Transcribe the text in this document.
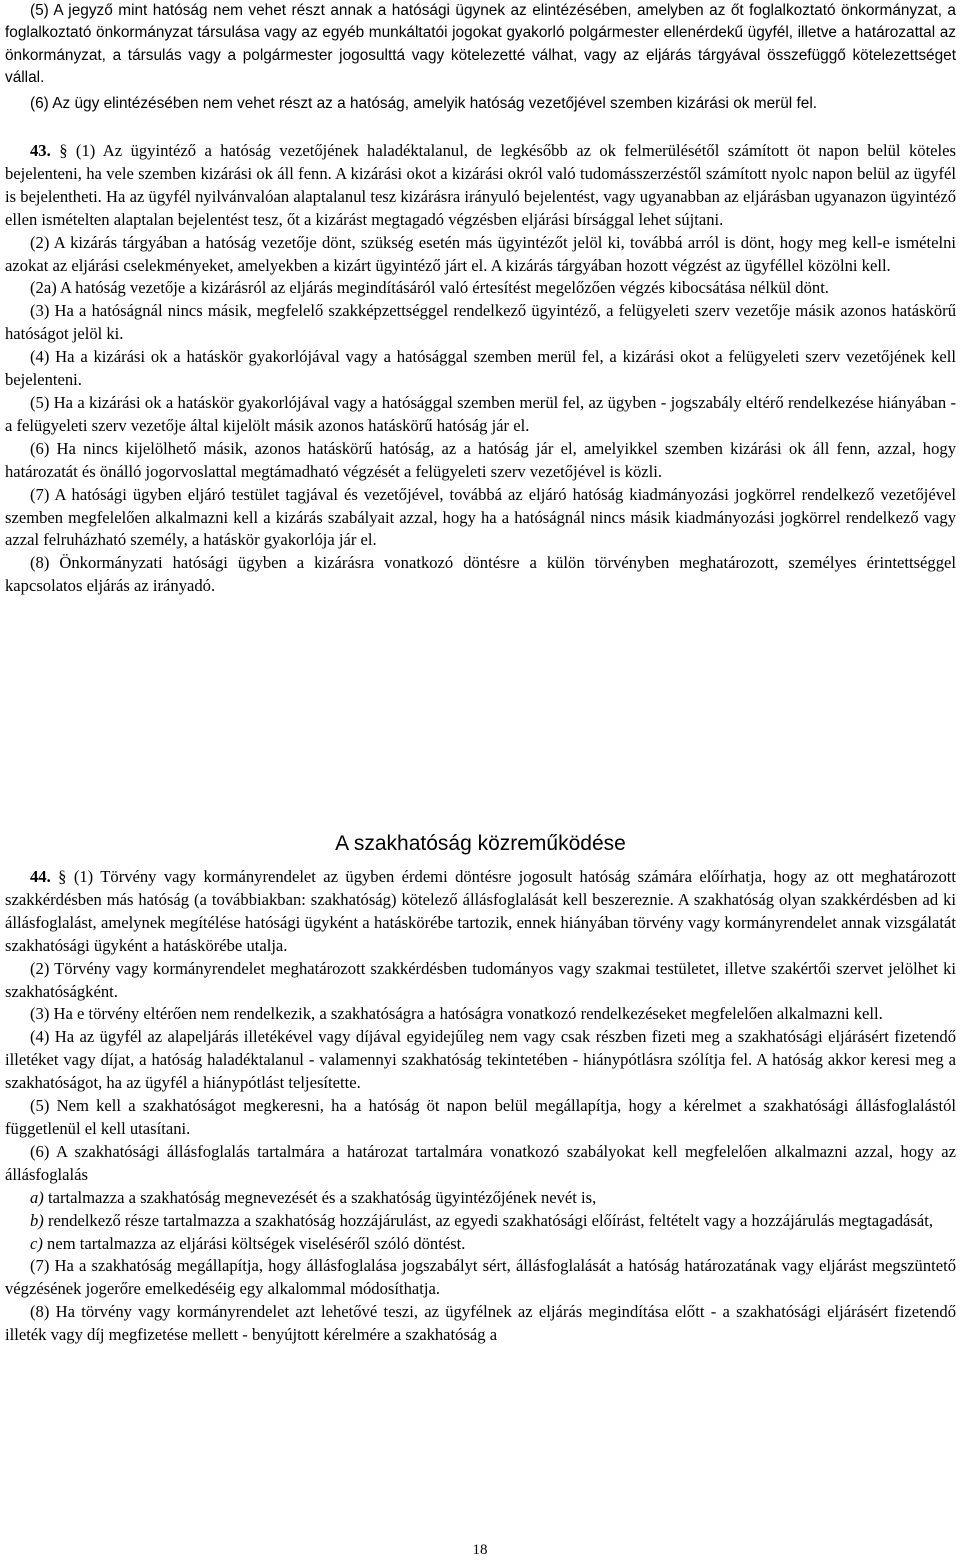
(5) A jegyző mint hatóság nem vehet részt annak a hatósági ügynek az elintézésében, amelyben az őt foglalkoztató önkormányzat, a foglalkoztató önkormányzat társulása vagy az egyéb munkáltatói jogokat gyakorló polgármester ellenérdekű ügyfél, illetve a határozattal az önkormányzat, a társulás vagy a polgármester jogosulttá vagy kötelezetté válhat, vagy az eljárás tárgyával összefüggő kötelezettséget vállal.

(6) Az ügy elintézésében nem vehet részt az a hatóság, amelyik hatóság vezetőjével szemben kizárási ok merül fel.

43. § (1) Az ügyintéző a hatóság vezetőjének haladéktalanul, de legkésőbb az ok felmerülésétől számított öt napon belül köteles bejelenteni, ha vele szemben kizárási ok áll fenn. A kizárási okot a kizárási okról való tudomásszerzéstől számított nyolc napon belül az ügyfél is bejelentheti. Ha az ügyfél nyilvánvalóan alaptalanul tesz kizárásra irányuló bejelentést, vagy ugyanabban az eljárásban ugyanazon ügyintéző ellen ismételten alaptalan bejelentést tesz, őt a kizárást megtagadó végzésben eljárási bírsággal lehet sújtani.

(2) A kizárás tárgyában a hatóság vezetője dönt, szükség esetén más ügyintézőt jelöl ki, továbbá arról is dönt, hogy meg kell-e ismételni azokat az eljárási cselekményeket, amelyekben a kizárt ügyintéző járt el. A kizárás tárgyában hozott végzést az ügyféllel közölni kell.

(2a) A hatóság vezetője a kizárásról az eljárás megindításáról való értesítést megelőzően végzés kibocsátása nélkül dönt.

(3) Ha a hatóságnál nincs másik, megfelelő szakképzettséggel rendelkező ügyintéző, a felügyeleti szerv vezetője másik azonos hatáskörű hatóságot jelöl ki.

(4) Ha a kizárási ok a hatáskör gyakorlójával vagy a hatósággal szemben merül fel, a kizárási okot a felügyeleti szerv vezetőjének kell bejelenteni.

(5) Ha a kizárási ok a hatáskör gyakorlójával vagy a hatósággal szemben merül fel, az ügyben - jogszabály eltérő rendelkezése hiányában - a felügyeleti szerv vezetője által kijelölt másik azonos hatáskörű hatóság jár el.

(6) Ha nincs kijelölhető másik, azonos hatáskörű hatóság, az a hatóság jár el, amelyikkel szemben kizárási ok áll fenn, azzal, hogy határozatát és önálló jogorvoslattal megtámadható végzését a felügyeleti szerv vezetőjével is közli.

(7) A hatósági ügyben eljáró testület tagjával és vezetőjével, továbbá az eljáró hatóság kiadmányozási jogkörrel rendelkező vezetőjével szemben megfelelően alkalmazni kell a kizárás szabályait azzal, hogy ha a hatóságnál nincs másik kiadmányozási jogkörrel rendelkező vagy azzal felruházható személy, a hatáskör gyakorlója jár el.

(8) Önkormányzati hatósági ügyben a kizárásra vonatkozó döntésre a külön törvényben meghatározott, személyes érintettséggel kapcsolatos eljárás az irányadó.

A szakhatóság közreműködése

44. § (1) Törvény vagy kormányrendelet az ügyben érdemi döntésre jogosult hatóság számára előírhatja, hogy az ott meghatározott szakkérdésben más hatóság (a továbbiakban: szakhatóság) kötelező állásfoglalását kell beszereznie. A szakhatóság olyan szakkérdésben ad ki állásfoglalást, amelynek megítélése hatósági ügyként a hatáskörébe tartozik, ennek hiányában törvény vagy kormányrendelet annak vizsgálatát szakhatósági ügyként a hatáskörébe utalja.

(2) Törvény vagy kormányrendelet meghatározott szakkérdésben tudományos vagy szakmai testületet, illetve szakértői szervet jelölhet ki szakhatóságként.

(3) Ha e törvény eltérően nem rendelkezik, a szakhatóságra a hatóságra vonatkozó rendelkezéseket megfelelően alkalmazni kell.

(4) Ha az ügyfél az alapeljárás illetékével vagy díjával egyidejűleg nem vagy csak részben fizeti meg a szakhatósági eljárásért fizetendő illetéket vagy díjat, a hatóság haladéktalanul - valamennyi szakhatóság tekintetében - hiánypótlásra szólítja fel. A hatóság akkor keresi meg a szakhatóságot, ha az ügyfél a hiánypótlást teljesítette.

(5) Nem kell a szakhatóságot megkeresni, ha a hatóság öt napon belül megállapítja, hogy a kérelmet a szakhatósági állásfoglalástól függetlenül el kell utasítani.

(6) A szakhatósági állásfoglalás tartalmára a határozat tartalmára vonatkozó szabályokat kell megfelelően alkalmazni azzal, hogy az állásfoglalás

a) tartalmazza a szakhatóság megnevezését és a szakhatóság ügyintézőjének nevét is,

b) rendelkező része tartalmazza a szakhatóság hozzájárulást, az egyedi szakhatósági előírást, feltételt vagy a hozzájárulás megtagadását,

c) nem tartalmazza az eljárási költségek viseléséről szóló döntést.

(7) Ha a szakhatóság megállapítja, hogy állásfoglalása jogszabályt sért, állásfoglalását a hatóság határozatának vagy eljárást megszüntető végzésének jogerőre emelkedéséig egy alkalommal módosíthatja.

(8) Ha törvény vagy kormányrendelet azt lehetővé teszi, az ügyfélnek az eljárás megindítása előtt - a szakhatósági eljárásért fizetendő illeték vagy díj megfizetése mellett - benyújtott kérelmére a szakhatóság a

18
